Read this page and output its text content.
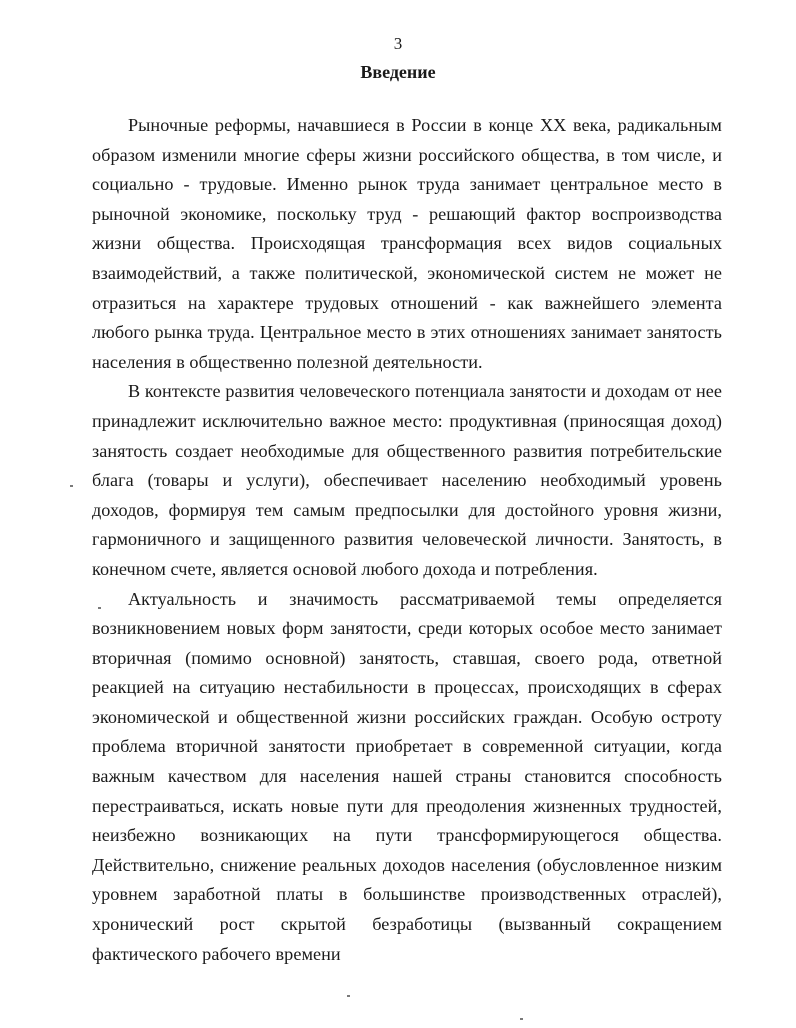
3
Введение

Рыночные реформы, начавшиеся в России в конце XX века, радикальным образом изменили многие сферы жизни российского общества, в том числе, и социально - трудовые. Именно рынок труда занимает центральное место в рыночной экономике, поскольку труд - решающий фактор воспроизводства жизни общества. Происходящая трансформация всех видов социальных взаимодействий, а также политической, экономической систем не может не отразиться на характере трудовых отношений - как важнейшего элемента любого рынка труда. Центральное место в этих отношениях занимает занятость населения в общественно полезной деятельности.

В контексте развития человеческого потенциала занятости и доходам от нее принадлежит исключительно важное место: продуктивная (приносящая доход) занятость создает необходимые для общественного развития потребительские блага (товары и услуги), обеспечивает населению необходимый уровень доходов, формируя тем самым предпосылки для достойного уровня жизни, гармоничного и защищенного развития человеческой личности. Занятость, в конечном счете, является основой любого дохода и потребления.

Актуальность и значимость рассматриваемой темы определяется возникновением новых форм занятости, среди которых особое место занимает вторичная (помимо основной) занятость, ставшая, своего рода, ответной реакцией на ситуацию нестабильности в процессах, происходящих в сферах экономической и общественной жизни российских граждан. Особую остроту проблема вторичной занятости приобретает в современной ситуации, когда важным качеством для населения нашей страны становится способность перестраиваться, искать новые пути для преодоления жизненных трудностей, неизбежно возникающих на пути трансформирующегося общества. Действительно, снижение реальных доходов населения (обусловленное низким уровнем заработной платы в большинстве производственных отраслей), хронический рост скрытой безработицы (вызванный сокращением фактического рабочего времени
